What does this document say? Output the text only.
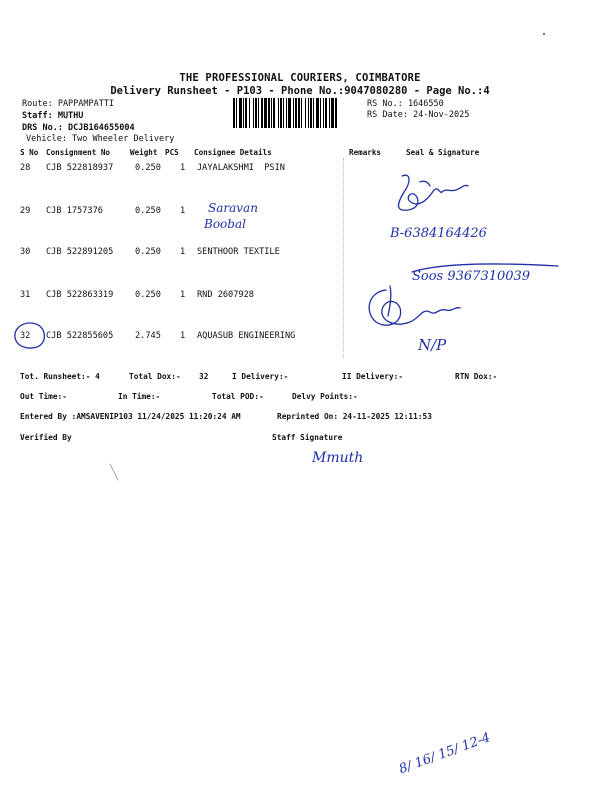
THE PROFESSIONAL COURIERS, COIMBATORE
Delivery Runsheet - P103 - Phone No.:9047080280 - Page No.:4
Route: PAPPAMPATTI
Staff: MUTHU
DRS No.: DCJB164655004
Vehicle: Two Wheeler Delivery
RS No.: 1646550
RS Date: 24-Nov-2025
S No Consignment No	Weight PCS Consignee Details	Remarks	Seal & Signature
28 CJB 522818937	0.250 1 JAYALAKSHMI  PSIN
29 CJB 1757376	0.250 1
30 CJB 522891205	0.250 1 SENTHOOR TEXTILE
31 CJB 522863319	0.250 1 RND 2607928
32 CJB 522855605	2.745 1 AQUASUB ENGINEERING
Tot. Runsheet:- 4	Total Dox:- 32	I Delivery:-	II Delivery:-	RTN Dox:-
Out Time:-	In Time:-	Total POD:-	Delvy Points:-
Entered By :AMSAVENIP103 11/24/2025 11:20:24 AM	Reprinted On: 24-11-2025 12:11:53
Verified By	Staff Signature
B-6384164426
Saravan
Boobal
Soos 9367310039
N/P
Mmuth
8/ 16/ 15/ 12-4
